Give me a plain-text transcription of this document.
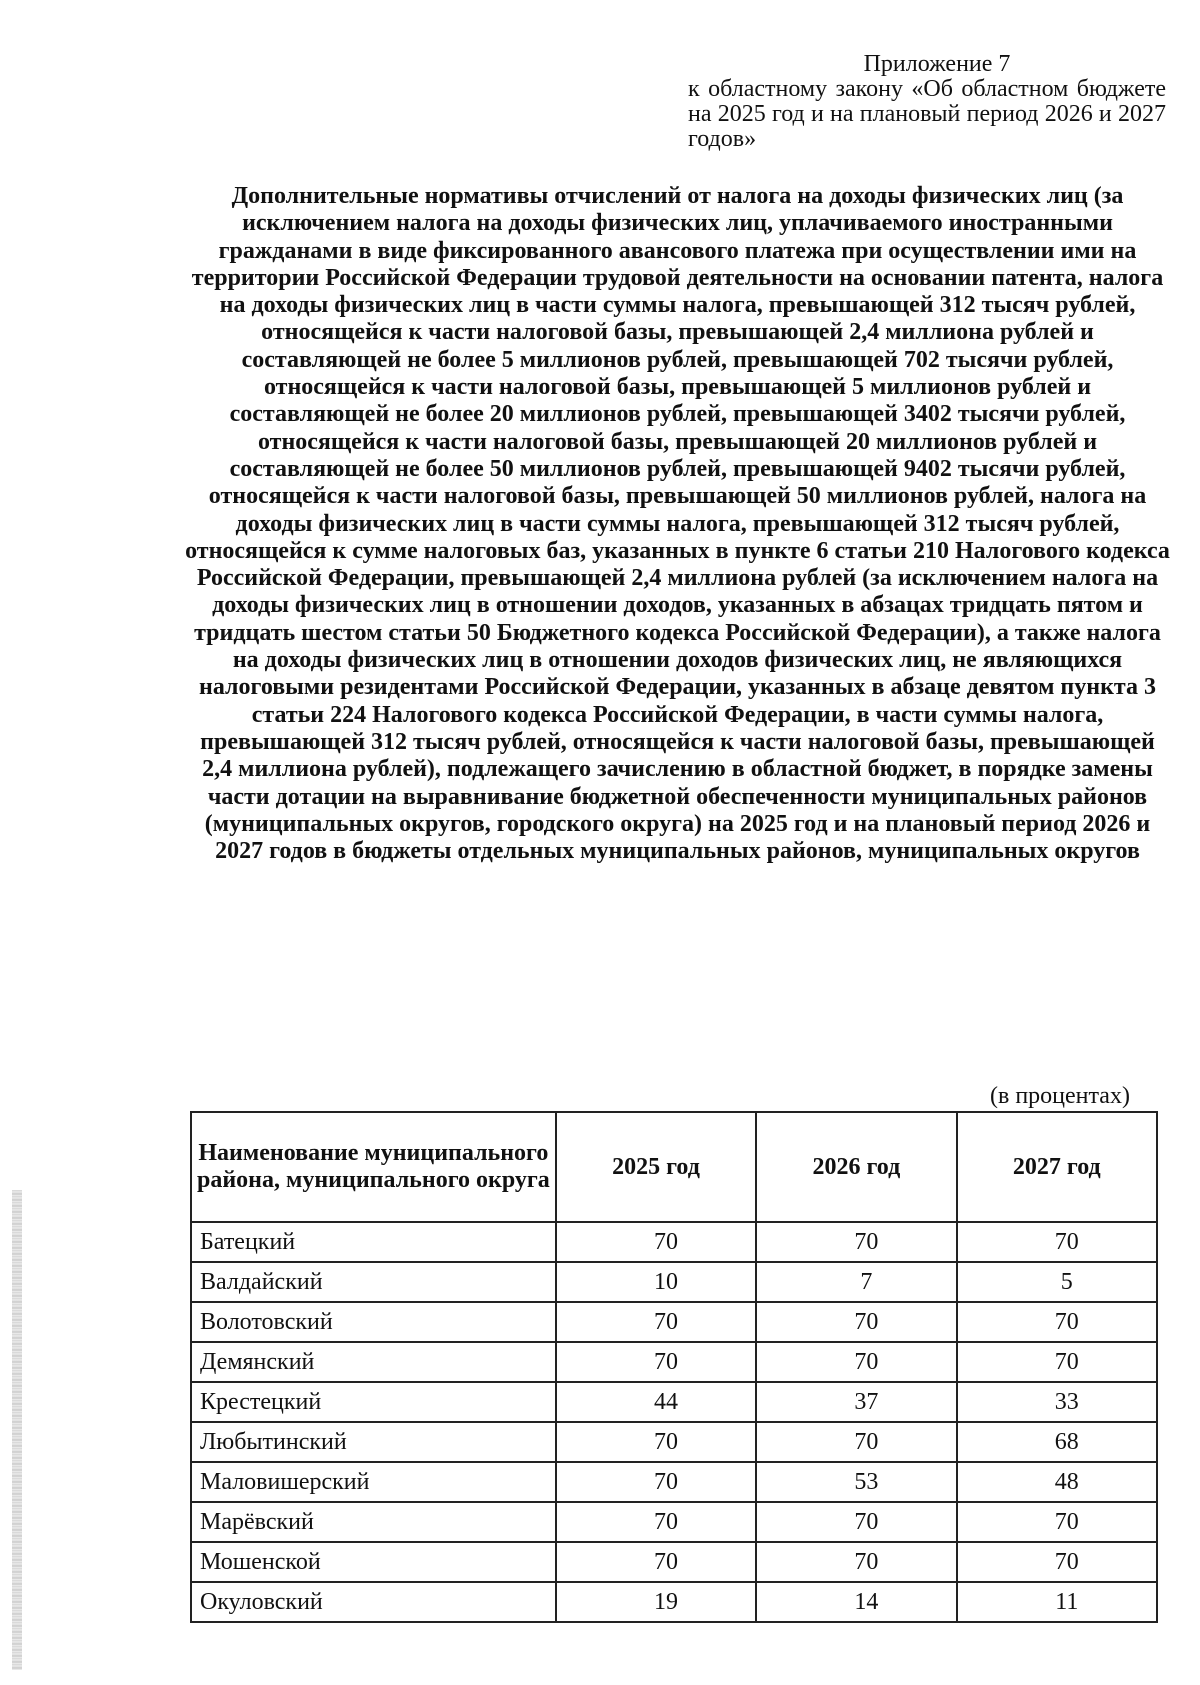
Приложение 7
к областному закону «Об областном бюджете на 2025 год и на плановый период 2026 и 2027 годов»
Дополнительные нормативы отчислений от налога на доходы физических лиц (за исключением налога на доходы физических лиц, уплачиваемого иностранными гражданами в виде фиксированного авансового платежа при осуществлении ими на территории Российской Федерации трудовой деятельности на основании патента, налога на доходы физических лиц в части суммы налога, превышающей 312 тысяч рублей, относящейся к части налоговой базы, превышающей 2,4 миллиона рублей и составляющей не более 5 миллионов рублей, превышающей 702 тысячи рублей, относящейся к части налоговой базы, превышающей 5 миллионов рублей и составляющей не более 20 миллионов рублей, превышающей 3402 тысячи рублей, относящейся к части налоговой базы, превышающей 20 миллионов рублей и составляющей не более 50 миллионов рублей, превышающей 9402 тысячи рублей, относящейся к части налоговой базы, превышающей 50 миллионов рублей, налога на доходы физических лиц в части суммы налога, превышающей 312 тысяч рублей, относящейся к сумме налоговых баз, указанных в пункте 6 статьи 210 Налогового кодекса Российской Федерации, превышающей 2,4 миллиона рублей (за исключением налога на доходы физических лиц в отношении доходов, указанных в абзацах тридцать пятом и тридцать шестом статьи 50 Бюджетного кодекса Российской Федерации), а также налога на доходы физических лиц в отношении доходов физических лиц, не являющихся налоговыми резидентами Российской Федерации, указанных в абзаце девятом пункта 3 статьи 224 Налогового кодекса Российской Федерации, в части суммы налога, превышающей 312 тысяч рублей, относящейся к части налоговой базы, превышающей 2,4 миллиона рублей), подлежащего зачислению в областной бюджет, в порядке замены части дотации на выравнивание бюджетной обеспеченности муниципальных районов (муниципальных округов, городского округа) на 2025 год и на плановый период 2026 и 2027 годов в бюджеты отдельных муниципальных районов, муниципальных округов
(в процентах)
Наименование муниципального района, муниципального округа	2025 год	2026 год	2027 год
Батецкий	70	70	70
Валдайский	10	7	5
Волотовский	70	70	70
Демянский	70	70	70
Крестецкий	44	37	33
Любытинский	70	70	68
Маловишерский	70	53	48
Марёвский	70	70	70
Мошенской	70	70	70
Окуловский	19	14	11
